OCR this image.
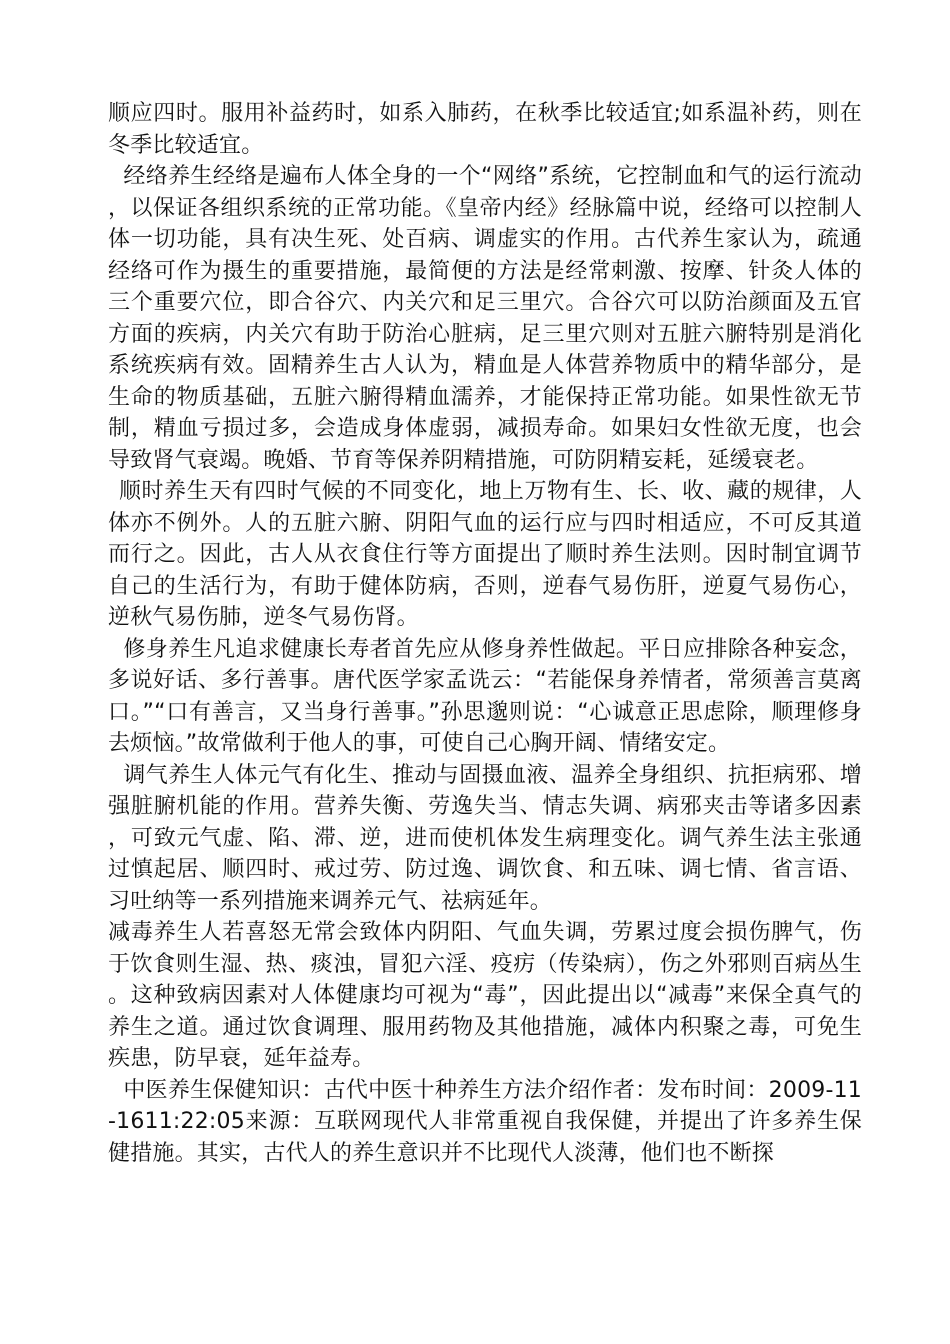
顺应四时。服用补益药时，如系入肺药，在秋季比较适宜;如系温补药，则在冬季比较适宜。

经络养生经络是遍布人体全身的一个“网络”系统，它控制血和气的运行流动，以保证各组织系统的正常功能。《皇帝内经》经脉篇中说，经络可以控制人体一切功能，具有决生死、处百病、调虚实的作用。古代养生家认为，疏通经络可作为摄生的重要措施，最简便的方法是经常刺激、按摩、针灸人体的三个重要穴位，即合谷穴、内关穴和足三里穴。合谷穴可以防治颜面及五官方面的疾病，内关穴有助于防治心脏病，足三里穴则对五脏六腑特别是消化系统疾病有效。固精养生古人认为，精血是人体营养物质中的精华部分，是生命的物质基础，五脏六腑得精血濡养，才能保持正常功能。如果性欲无节制，精血亏损过多，会造成身体虚弱，减损寿命。如果妇女性欲无度，也会导致肾气衰竭。晚婚、节育等保养阴精措施，可防阴精妄耗，延缓衰老。

顺时养生天有四时气候的不同变化，地上万物有生、长、收、藏的规律，人体亦不例外。人的五脏六腑、阴阳气血的运行应与四时相适应，不可反其道而行之。因此，古人从衣食住行等方面提出了顺时养生法则。因时制宜调节自己的生活行为，有助于健体防病，否则，逆春气易伤肝，逆夏气易伤心，逆秋气易伤肺，逆冬气易伤肾。

修身养生凡追求健康长寿者首先应从修身养性做起。平日应排除各种妄念，多说好话、多行善事。唐代医学家孟诜云：“若能保身养情者，常须善言莫离口。”“口有善言，又当身行善事。”孙思邈则说：“心诚意正思虑除，顺理修身去烦恼。”故常做利于他人的事，可使自己心胸开阔、情绪安定。

调气养生人体元气有化生、推动与固摄血液、温养全身组织、抗拒病邪、增强脏腑机能的作用。营养失衡、劳逸失当、情志失调、病邪夹击等诸多因素，可致元气虚、陷、滞、逆，进而使机体发生病理变化。调气养生法主张通过慎起居、顺四时、戒过劳、防过逸、调饮食、和五味、调七情、省言语、习吐纳等一系列措施来调养元气、祛病延年。

减毒养生人若喜怒无常会致体内阴阳、气血失调，劳累过度会损伤脾气，伤于饮食则生湿、热、痰浊，冒犯六淫、疫疠（传染病），伤之外邪则百病丛生。这种致病因素对人体健康均可视为“毒”，因此提出以“减毒”来保全真气的养生之道。通过饮食调理、服用药物及其他措施，减体内积聚之毒，可免生疾患，防早衰，延年益寿。

中医养生保健知识：古代中医十种养生方法介绍作者：发布时间：2009-11-1611:22:05来源：互联网现代人非常重视自我保健，并提出了许多养生保健措施。其实，古代人的养生意识并不比现代人淡薄，他们也不断探
